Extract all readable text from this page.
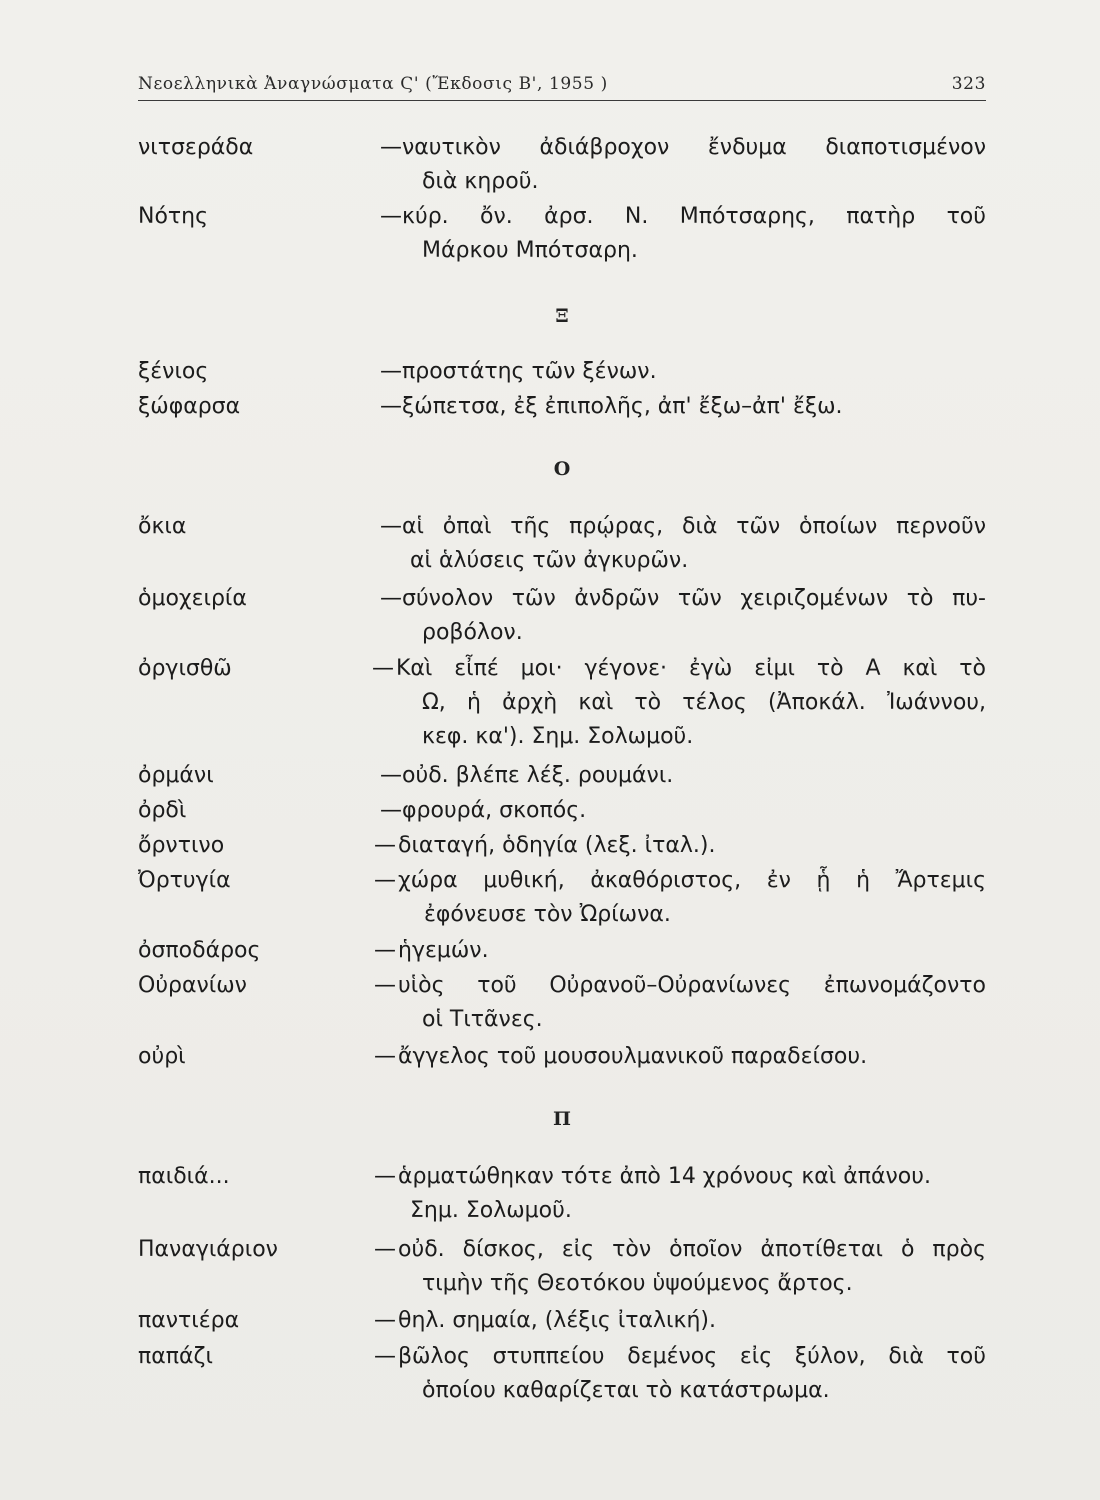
Νεοελληνικὰ Ἀναγνώσματα Ϛ' (Ἔκδοσις Β', 1955 )	323
νιτσεράδα	— ναυτικὸν ἀδιάβροχον ἔνδυμα διαποτισμένον
διὰ κηροῦ.
Νότης	— κύρ. ὄν. ἀρσ. Ν. Μπότσαρης, πατὴρ τοῦ
Μάρκου Μπότσαρη.
Ξ
ξένιος	— προστάτης τῶν ξένων.
ξώφαρσα	— ξώπετσα, ἐξ ἐπιπολῆς, ἀπ' ἔξω–ἀπ' ἔξω.
Ο
ὄκια	— αἱ ὀπαὶ τῆς πρῴρας, διὰ τῶν ὁποίων περνοῦν
αἱ ἁλύσεις τῶν ἀγκυρῶν.
ὁμοχειρία	— σύνολον τῶν ἀνδρῶν τῶν χειριζομένων τὸ πυ-
ροβόλον.
ὀργισθῶ	— Καὶ εἶπέ μοι· γέγονε· ἐγὼ εἰμι τὸ Α καὶ τὸ
Ω, ἡ ἀρχὴ καὶ τὸ τέλος (Ἀποκάλ. Ἰωάννου,
κεφ. κα'). Σημ. Σολωμοῦ.
ὀρμάνι	— οὐδ. βλέπε λέξ. ρουμάνι.
ὀρδὶ	— φρουρά, σκοπός.
ὄρντινο	— διαταγή, ὁδηγία (λεξ. ἰταλ.).
Ὀρτυγία	— χώρα μυθική, ἀκαθόριστος, ἐν ᾗ ἡ Ἄρτεμις
ἐφόνευσε τὸν Ὠρίωνα.
ὀσποδάρος	— ἡγεμών.
Οὐρανίων	— υἱὸς τοῦ Οὐρανοῦ–Οὐρανίωνες ἐπωνομάζοντο
οἱ Τιτᾶνες.
οὐρὶ	— ἄγγελος τοῦ μουσουλμανικοῦ παραδείσου.
Π
παιδιά...	— ἁρματώθηκαν τότε ἀπὸ 14 χρόνους καὶ ἀπάνου.
Σημ. Σολωμοῦ.
Παναγιάριον	— οὐδ. δίσκος, εἰς τὸν ὁποῖον ἀποτίθεται ὁ πρὸς
τιμὴν τῆς Θεοτόκου ὑψούμενος ἄρτος.
παντιέρα	— θηλ. σημαία, (λέξις ἰταλική).
παπάζι	— βῶλος στυππείου δεμένος εἰς ξύλον, διὰ τοῦ
ὁποίου καθαρίζεται τὸ κατάστρωμα.
